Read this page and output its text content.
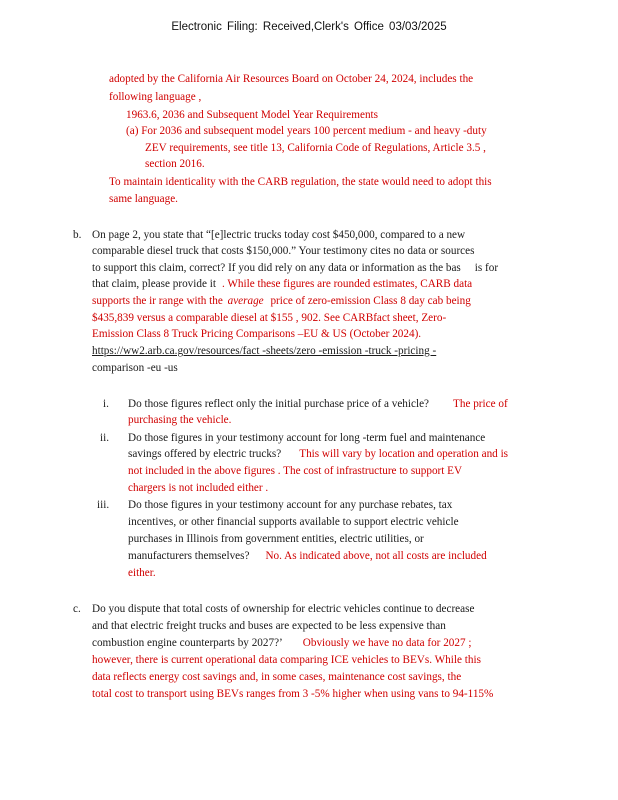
Electronic Filing: Received,Clerk's Office 03/03/2025
adopted by the California Air Resources Board on October 24, 2024, includes the
following language ,
1963.6, 2036 and Subsequent Model Year Requirements
(a) For 2036 and subsequent model years 100 percent medium - and heavy -duty
ZEV requirements, see title 13, California Code of Regulations, Article 3.5 ,
section 2016.
To maintain identicality with the CARB regulation, the state would need to adopt this
same language.
b. On page 2, you state that “[e]lectric trucks today cost $450,000, compared to a new
comparable diesel truck that costs $150,000.” Your testimony cites no data or sources
to support this claim, correct? If you did rely on any data or information as the bas is for
that claim, please provide it . While these figures are rounded estimates, CARB data
supports the ir range with the average price of zero-emission Class 8 day cab being
$435,839 versus a comparable diesel at $155 , 902. See CARBfact sheet, Zero-
Emission Class 8 Truck Pricing Comparisons –EU & US (October 2024).
https://ww2.arb.ca.gov/resources/fact -sheets/zero -emission -truck -pricing -
comparison -eu -us
i. Do those figures reflect only the initial purchase price of a vehicle? The price of
purchasing the vehicle.
ii. Do those figures in your testimony account for long -term fuel and maintenance
savings offered by electric trucks? This will vary by location and operation and is
not included in the above figures . The cost of infrastructure to support EV
chargers is not included either .
iii. Do those figures in your testimony account for any purchase rebates, tax
incentives, or other financial supports available to support electric vehicle
purchases in Illinois from government entities, electric utilities, or
manufacturers themselves? No. As indicated above, not all costs are included
either.
c. Do you dispute that total costs of ownership for electric vehicles continue to decrease
and that electric freight trucks and buses are expected to be less expensive than
combustion engine counterparts by 2027?’ Obviously we have no data for 2027 ;
however, there is current operational data comparing ICE vehicles to BEVs. While this
data reflects energy cost savings and, in some cases, maintenance cost savings, the
total cost to transport using BEVs ranges from 3 -5% higher when using vans to 94-115%
